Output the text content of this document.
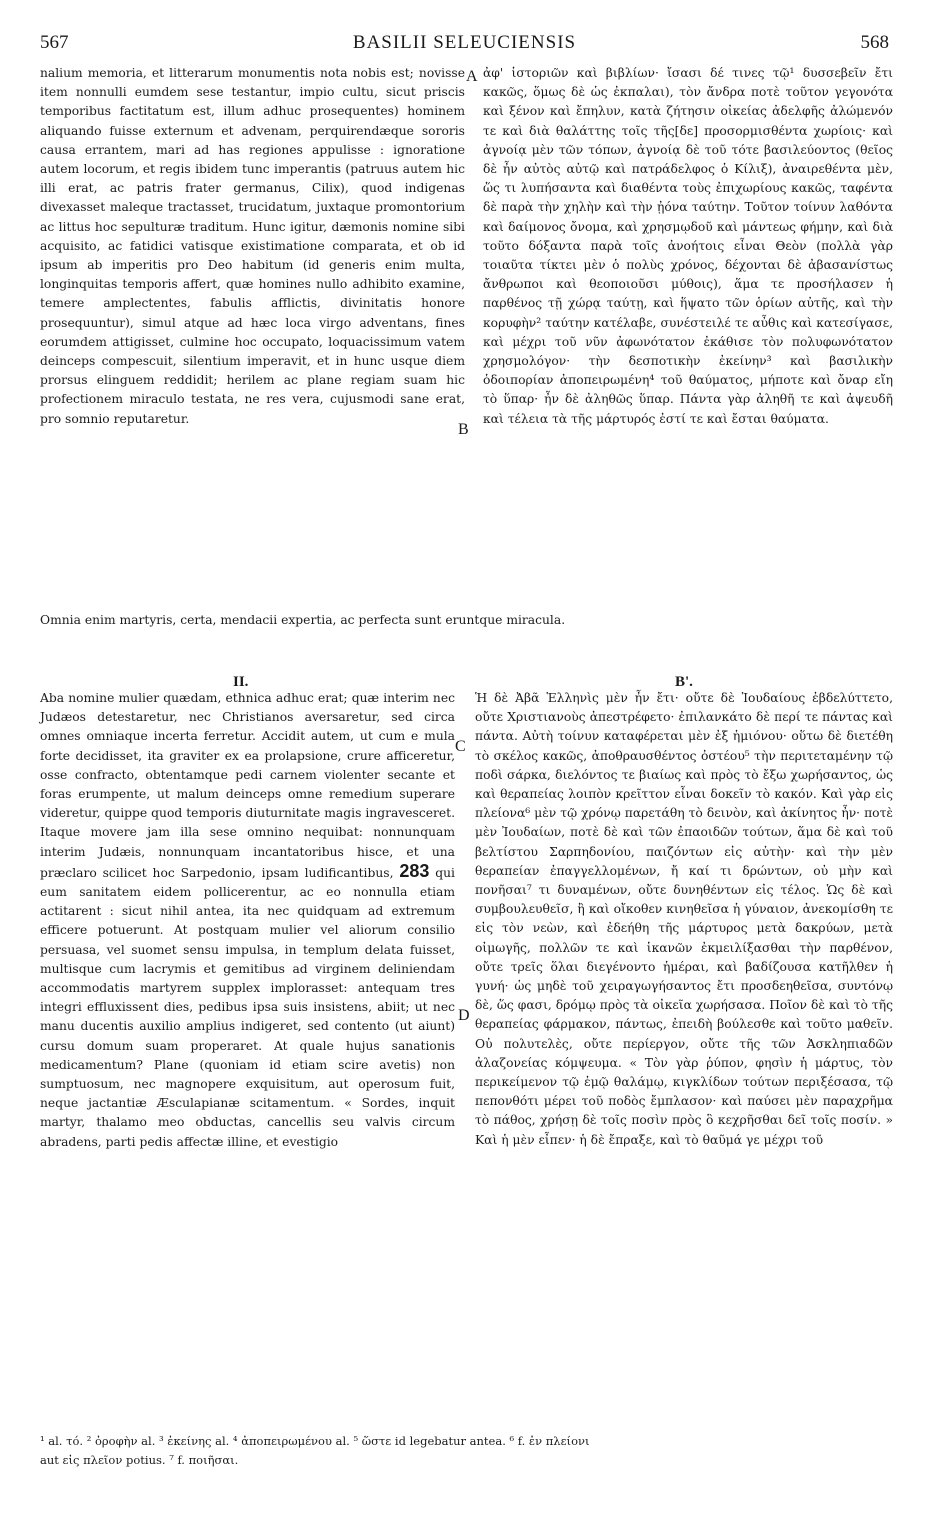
567	BASILII SELEUCIENSIS	568

nalium memoria, et litterarum monumentis nota nobis est; novisse item nonnulli eumdem sese testantur, impio cultu, sicut priscis temporibus factitatum est, illum adhuc prosequentes) hominem aliquando fuisse externum et advenam, perquirendæque sororis causa errantem, mari ad has regiones appulisse : ignoratione autem locorum, et regis ibidem tunc imperantis (patruus autem hic illi erat, ac patris frater germanus, Cilix), quod indigenas divexasset maleque tractasset, trucidatum, juxtaque promontorium ac littus hoc sepulturæ traditum. Hunc igitur, dæmonis nomine sibi acquisito, ac fatidici vatisque existimatione comparata, et ob id ipsum ab imperitis pro Deo habitum (id generis enim multa, longinquitas temporis affert, quæ homines nullo adhibito examine, temere amplectentes, fabulis afflictis, divinitatis honore prosequuntur), simul atque ad hæc loca virgo adventans, fines eorumdem attigisset, culmine hoc occupato, loquacissimum vatem deinceps compescuit, silentium imperavit, et in hunc usque diem prorsus elinguem reddidit; herilem ac plane regiam suam hic profectionem miraculo testata, ne res vera, cujusmodi sane erat, pro somnio reputaretur.

ἀφ' ἱστοριῶν καὶ βιβλίων· ἴσασι δέ τινες τῷ¹ δυσσεβεῖν ἔτι κακῶς, ὅμως δὲ ὡς ἐκπαλαι), τὸν ἄνδρα ποτὲ τοῦτον γεγονότα καὶ ξένον καὶ ἔπηλυν, κατὰ ζήτησιν οἰκείας ἀδελφῆς ἀλώμενόν τε καὶ διὰ θαλάττης τοῖς τῆς[δε] προσορμισθέντα χωρίοις· καὶ ἀγνοίᾳ μὲν τῶν τόπων, ἀγνοίᾳ δὲ τοῦ τότε βασιλεύοντος (θεῖος δὲ ἦν αὐτὸς αὐτῷ καὶ πατράδελφος ὁ Κίλιξ), ἀναιρεθέντα μὲν, ὥς τι λυπήσαντα καὶ διαθέντα τοὺς ἐπιχωρίους κακῶς, ταφέντα δὲ παρὰ τὴν χηλὴν καὶ τὴν ᾐόνα ταύτην. Τοῦτον τοίνυν λαθόντα καὶ δαίμονος ὄνομα, καὶ χρησμῳδοῦ καὶ μάντεως φήμην, καὶ διὰ τοῦτο δόξαντα παρὰ τοῖς ἀνοήτοις εἶναι Θεὸν (πολλὰ γὰρ τοιαῦτα τίκτει μὲν ὁ πολὺς χρόνος, δέχονται δὲ ἀβασανίστως ἄνθρωποι καὶ θεοποιοῦσι μύθοις), ἅμα τε προσήλασεν ἡ παρθένος τῇ χώρᾳ ταύτῃ, καὶ ἥψατο τῶν ὁρίων αὐτῆς, καὶ τὴν κορυφὴν² ταύτην κατέλαβε, συνέστειλέ τε αὖθις καὶ κατεσίγασε, καὶ μέχρι τοῦ νῦν ἀφωνότατον ἐκάθισε τὸν πολυφωνότατον χρησμολόγον· τὴν δεσποτικὴν ἐκείνην³ καὶ βασιλικὴν ὁδοιπορίαν ἀποπειρωμένη⁴ τοῦ θαύματος, μήποτε καὶ ὄναρ εἴη τὸ ὕπαρ· ἦν δὲ ἀληθῶς ὕπαρ. Πάντα γὰρ ἀληθῆ τε καὶ ἀψευδῆ καὶ τέλεια τὰ τῆς μάρτυρός ἐστί τε καὶ ἔσται θαύματα.

Omnia enim martyris, certa, mendacii expertia, ac perfecta sunt eruntque miracula.
A
B
C
D
II.	Β'.

Aba nomine mulier quædam, ethnica adhuc erat; quæ interim nec Judæos detestaretur, nec Christianos aversaretur, sed circa omnes omniaque incerta ferretur. Accidit autem, ut cum e mula forte decidisset, ita graviter ex ea prolapsione, crure afficeretur, osse confracto, obtentamque pedi carnem violenter secante et foras erumpente, ut malum deinceps omne remedium superare videretur, quippe quod temporis diuturnitate magis ingravesceret. Itaque movere jam illa sese omnino nequibat: nonnunquam interim Judæis, nonnunquam incantatoribus hisce, et una præclaro scilicet hoc Sarpedonio, ipsam ludificantibus, 283 qui eum sanitatem eidem pollicerentur, ac eo nonnulla etiam actitarent : sicut nihil antea, ita nec quidquam ad extremum efficere potuerunt. At postquam mulier vel aliorum consilio persuasa, vel suomet sensu impulsa, in templum delata fuisset, multisque cum lacrymis et gemitibus ad virginem deliniendam accommodatis martyrem supplex implorasset: antequam tres integri effluxissent dies, pedibus ipsa suis insistens, abiit; ut nec manu ducentis auxilio amplius indigeret, sed contento (ut aiunt) cursu domum suam properaret. At quale hujus sanationis medicamentum? Plane (quoniam id etiam scire avetis) non sumptuosum, nec magnopere exquisitum, aut operosum fuit, neque jactantiæ Æsculapianæ scitamentum. « Sordes, inquit martyr, thalamo meo obductas, cancellis seu valvis circum abradens, parti pedis affectæ illine, et evestigio

Ἡ δὲ Ἀβᾶ Ἑλληνὶς μὲν ἦν ἔτι· οὔτε δὲ Ἰουδαίους ἐβδελύττετο, οὔτε Χριστιανοὺς ἀπεστρέφετο· ἐπιλανκάτο δὲ περί τε πάντας καὶ πάντα. Αὐτὴ τοίνυν καταφέρεται μὲν ἐξ ἡμιόνου· οὕτω δὲ διετέθη τὸ σκέλος κακῶς, ἀποθραυσθέντος ὀστέου⁵ τὴν περιτεταμένην τῷ ποδὶ σάρκα, διελόντος τε βιαίως καὶ πρὸς τὸ ἔξω χωρήσαντος, ὡς καὶ θεραπείας λοιπὸν κρεῖττον εἶναι δοκεῖν τὸ κακόν. Καὶ γὰρ εἰς πλείονα⁶ μὲν τῷ χρόνῳ παρετάθη τὸ δεινὸν, καὶ ἀκίνητος ἦν· ποτὲ μὲν Ἰουδαίων, ποτὲ δὲ καὶ τῶν ἐπαοιδῶν τούτων, ἅμα δὲ καὶ τοῦ βελτίστου Σαρπηδονίου, παιζόντων εἰς αὐτὴν· καὶ τὴν μὲν θεραπείαν ἐπαγγελλομένων, ἤ καί τι δρώντων, οὐ μὴν καὶ πονῆσαι⁷ τι δυναμένων, οὔτε δυνηθέντων εἰς τέλος. Ὡς δὲ καὶ συμβουλευθεῖσ, ἢ καὶ οἴκοθεν κινηθεῖσα ἡ γύναιον, ἀνεκομίσθη τε εἰς τὸν νεὼν, καὶ ἐδεήθη τῆς μάρτυρος μετὰ δακρύων, μετὰ οἰμωγῆς, πολλῶν τε καὶ ἱκανῶν ἐκμειλίξασθαι τὴν παρθένον, οὔτε τρεῖς ὅλαι διεγένοντο ἡμέραι, καὶ βαδίζουσα κατῆλθεν ἡ γυνή· ὡς μηδὲ τοῦ χειραγωγήσαντος ἔτι προσδεηθεῖσα, συντόνῳ δὲ, ὥς φασι, δρόμῳ πρὸς τὰ οἰκεῖα χωρήσασα. Ποῖον δὲ καὶ τὸ τῆς θεραπείας φάρμακον, πάντως, ἐπειδὴ βούλεσθε καὶ τοῦτο μαθεῖν. Οὐ πολυτελὲς, οὔτε περίεργον, οὔτε τῆς τῶν Ἀσκληπιαδῶν ἀλαζονείας κόμψευμα. « Τὸν γὰρ ῥύπον, φησὶν ἡ μάρτυς, τὸν περικείμενον τῷ ἐμῷ θαλάμῳ, κιγκλίδων τούτων περιξέσασα, τῷ πεπονθότι μέρει τοῦ ποδὸς ἔμπλασον· καὶ παύσει μὲν παραχρῆμα τὸ πάθος, χρήσῃ δὲ τοῖς ποσὶν πρὸς ὃ κεχρῆσθαι δεῖ τοῖς ποσίν. » Καὶ ἡ μὲν εἶπεν· ἡ δὲ ἔπραξε, καὶ τὸ θαῦμά γε μέχρι τοῦ

¹ al. τό. ² ὀροφὴν al. ³ ἐκείνης al. ⁴ ἀποπειρωμένου al. ⁵ ὥστε id legebatur antea. ⁶ f. ἐν πλείονι

aut εἰς πλεῖον potius. ⁷ f. ποιῆσαι.
